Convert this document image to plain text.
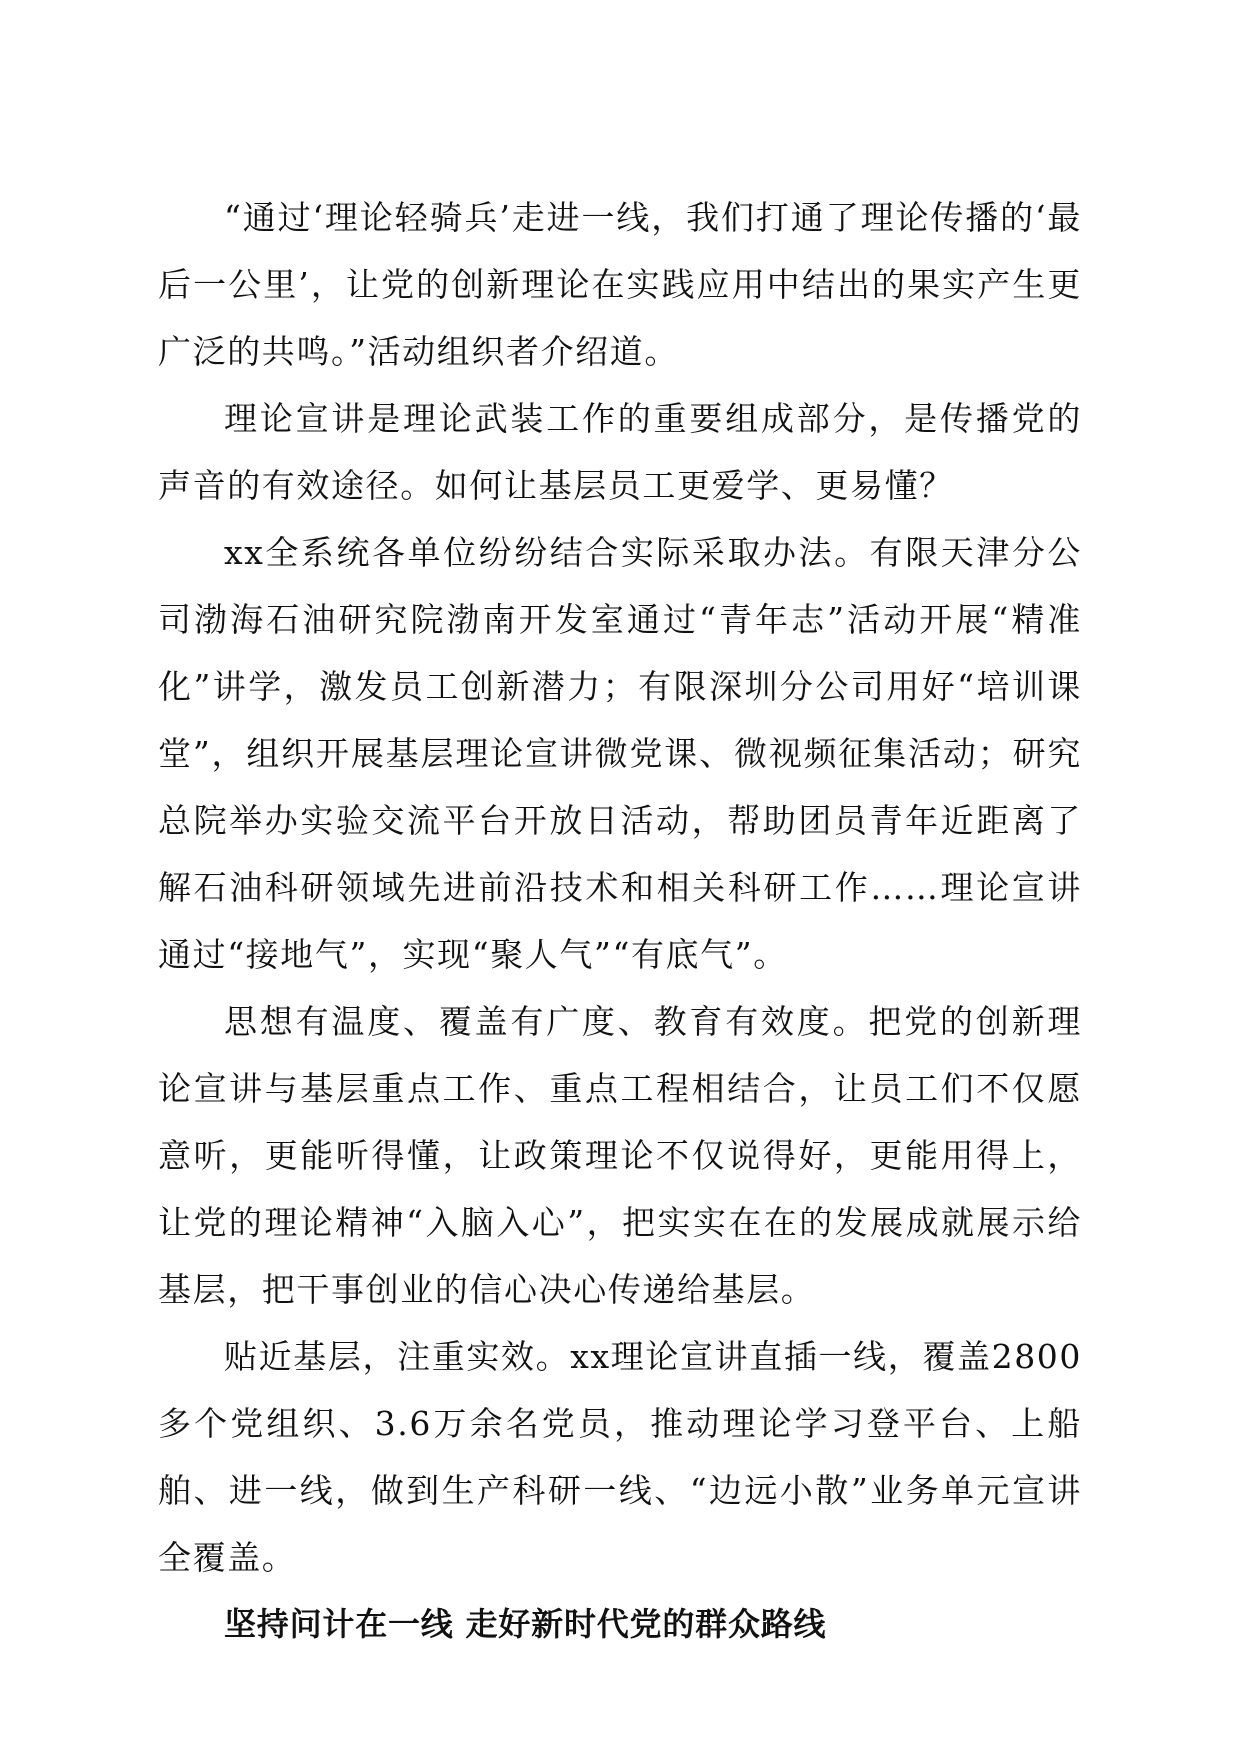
“通过‘理论轻骑兵’走进一线，我们打通了理论传播的‘最后一公里’，让党的创新理论在实践应用中结出的果实产生更广泛的共鸣。”活动组织者介绍道。

理论宣讲是理论武装工作的重要组成部分，是传播党的声音的有效途径。如何让基层员工更爱学、更易懂？

xx全系统各单位纷纷结合实际采取办法。有限天津分公司渤海石油研究院渤南开发室通过“青年志”活动开展“精准化”讲学，激发员工创新潜力；有限深圳分公司用好“培训课堂”，组织开展基层理论宣讲微党课、微视频征集活动；研究总院举办实验交流平台开放日活动，帮助团员青年近距离了解石油科研领域先进前沿技术和相关科研工作……理论宣讲通过“接地气”，实现“聚人气”“有底气”。

思想有温度、覆盖有广度、教育有效度。把党的创新理论宣讲与基层重点工作、重点工程相结合，让员工们不仅愿意听，更能听得懂，让政策理论不仅说得好，更能用得上，让党的理论精神“入脑入心”，把实实在在的发展成就展示给基层，把干事创业的信心决心传递给基层。

贴近基层，注重实效。xx理论宣讲直插一线，覆盖2800多个党组织、3.6万余名党员，推动理论学习登平台、上船舶、进一线，做到生产科研一线、“边远小散”业务单元宣讲全覆盖。

坚持问计在一线 走好新时代党的群众路线
